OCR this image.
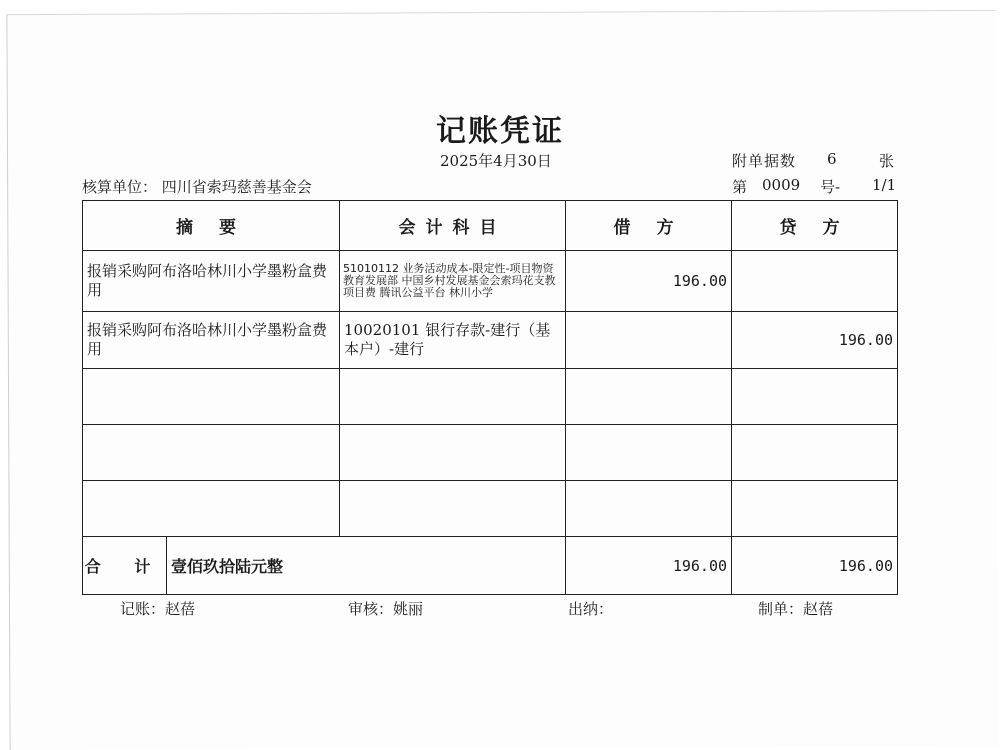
记账凭证
2025年4月30日	附单据数 6	张
核算单位： 四川省索玛慈善基金会	第 0009 号- 1/1
摘 要		会计科目	借 方	贷 方
报销采购阿布洛哈林川小学墨粉盒费用		51010112 业务活动成本-限定性-项目物资 教育发展部 中国乡村发展基金会索玛花支教 项目费 腾讯公益平台 林川小学	196.00	
报销采购阿布洛哈林川小学墨粉盒费用		10020101 银行存款-建行（基本户）-建行		196.00

合 计	壹佰玖拾陆元整		196.00	196.00
记账：赵蓓	审核：姚丽	出纳：	制单：赵蓓
